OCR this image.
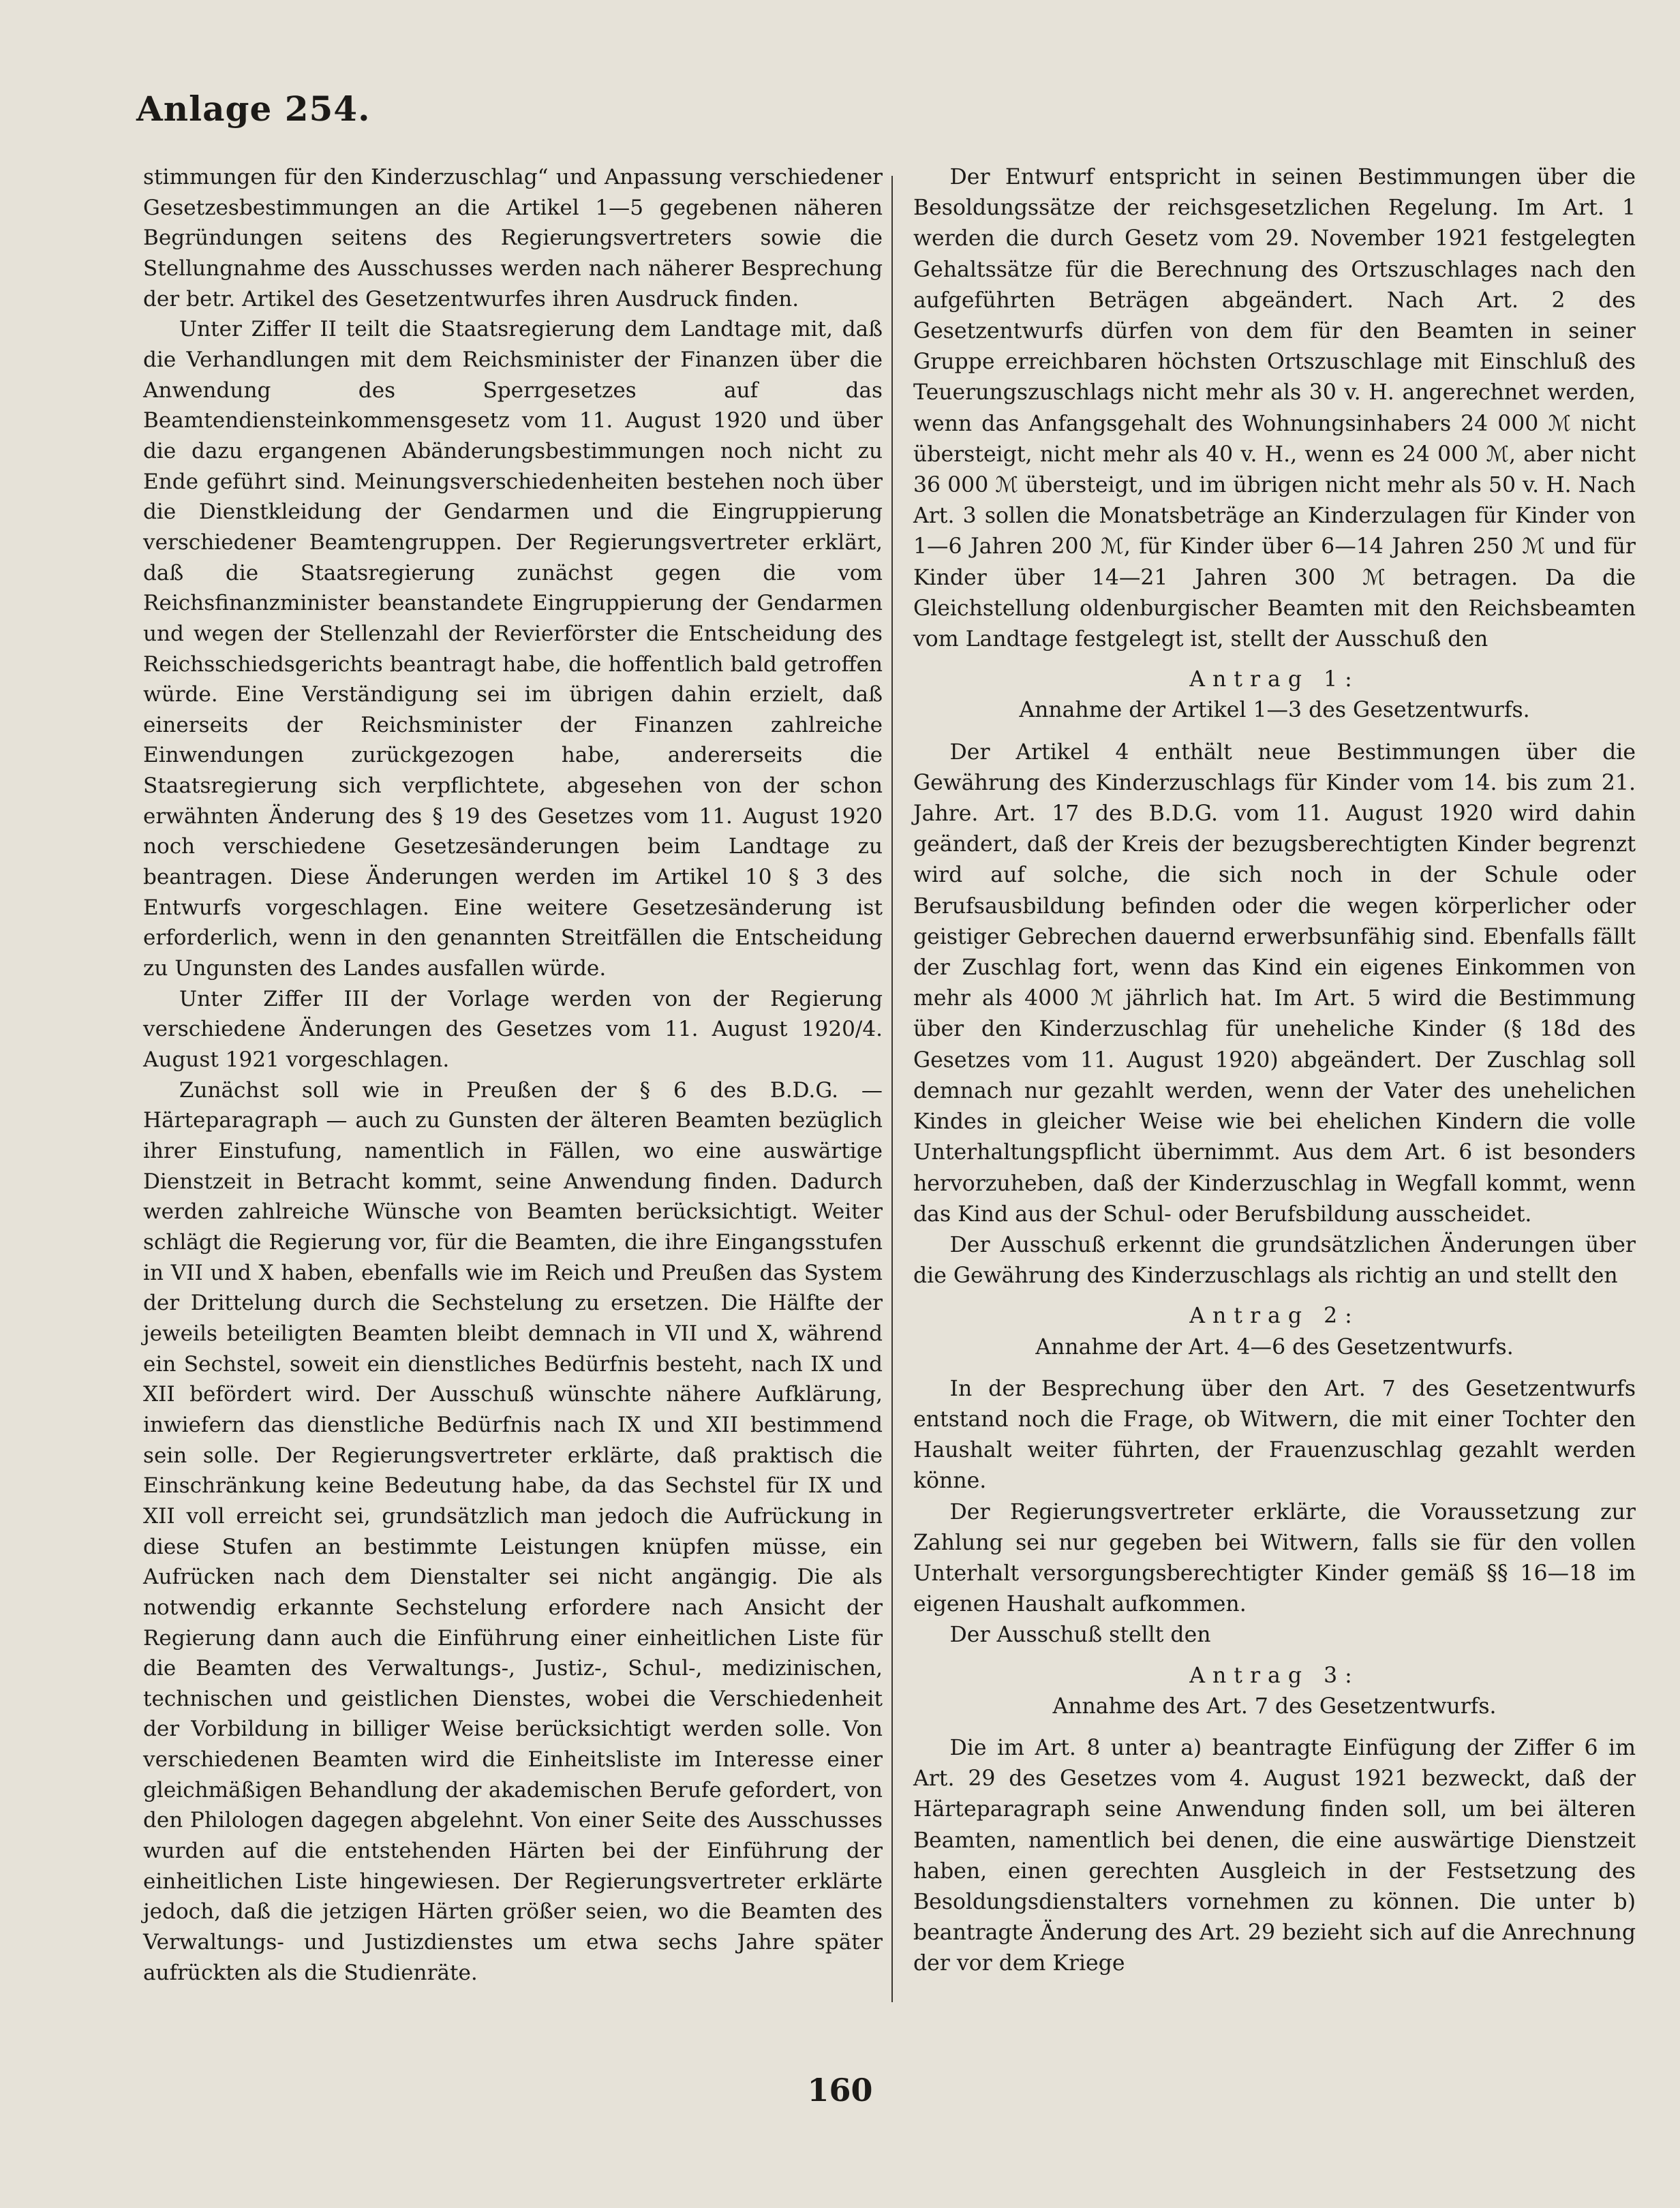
Anlage 254.

stimmungen für den Kinderzuschlag“ und Anpassung verschiedener Gesetzesbestimmungen an die Artikel 1—5 gegebenen näheren Begründungen seitens des Regierungsvertreters sowie die Stellungnahme des Ausschusses werden nach näherer Besprechung der betr. Artikel des Gesetzentwurfes ihren Ausdruck finden.

Unter Ziffer II teilt die Staatsregierung dem Landtage mit, daß die Verhandlungen mit dem Reichsminister der Finanzen über die Anwendung des Sperrgesetzes auf das Beamtendiensteinkommensgesetz vom 11. August 1920 und über die dazu ergangenen Abänderungsbestimmungen noch nicht zu Ende geführt sind. Meinungsverschiedenheiten bestehen noch über die Dienstkleidung der Gendarmen und die Eingruppierung verschiedener Beamtengruppen. Der Regierungsvertreter erklärt, daß die Staatsregierung zunächst gegen die vom Reichsfinanzminister beanstandete Eingruppierung der Gendarmen und wegen der Stellenzahl der Revierförster die Entscheidung des Reichsschiedsgerichts beantragt habe, die hoffentlich bald getroffen würde. Eine Verständigung sei im übrigen dahin erzielt, daß einerseits der Reichsminister der Finanzen zahlreiche Einwendungen zurückgezogen habe, andererseits die Staatsregierung sich verpflichtete, abgesehen von der schon erwähnten Änderung des § 19 des Gesetzes vom 11. August 1920 noch verschiedene Gesetzesänderungen beim Landtage zu beantragen. Diese Änderungen werden im Artikel 10 § 3 des Entwurfs vorgeschlagen. Eine weitere Gesetzesänderung ist erforderlich, wenn in den genannten Streitfällen die Entscheidung zu Ungunsten des Landes ausfallen würde.

Unter Ziffer III der Vorlage werden von der Regierung verschiedene Änderungen des Gesetzes vom 11. August 1920/4. August 1921 vorgeschlagen.

Zunächst soll wie in Preußen der § 6 des B.D.G. — Härteparagraph — auch zu Gunsten der älteren Beamten bezüglich ihrer Einstufung, namentlich in Fällen, wo eine auswärtige Dienstzeit in Betracht kommt, seine Anwendung finden. Dadurch werden zahlreiche Wünsche von Beamten berücksichtigt. Weiter schlägt die Regierung vor, für die Beamten, die ihre Eingangsstufen in VII und X haben, ebenfalls wie im Reich und Preußen das System der Drittelung durch die Sechstelung zu ersetzen. Die Hälfte der jeweils beteiligten Beamten bleibt demnach in VII und X, während ein Sechstel, soweit ein dienstliches Bedürfnis besteht, nach IX und XII befördert wird. Der Ausschuß wünschte nähere Aufklärung, inwiefern das dienstliche Bedürfnis nach IX und XII bestimmend sein solle. Der Regierungsvertreter erklärte, daß praktisch die Einschränkung keine Bedeutung habe, da das Sechstel für IX und XII voll erreicht sei, grundsätzlich man jedoch die Aufrückung in diese Stufen an bestimmte Leistungen knüpfen müsse, ein Aufrücken nach dem Dienstalter sei nicht angängig. Die als notwendig erkannte Sechstelung erfordere nach Ansicht der Regierung dann auch die Einführung einer einheitlichen Liste für die Beamten des Verwaltungs-, Justiz-, Schul-, medizinischen, technischen und geistlichen Dienstes, wobei die Verschiedenheit der Vorbildung in billiger Weise berücksichtigt werden solle. Von verschiedenen Beamten wird die Einheitsliste im Interesse einer gleichmäßigen Behandlung der akademischen Berufe gefordert, von den Philologen dagegen abgelehnt. Von einer Seite des Ausschusses wurden auf die entstehenden Härten bei der Einführung der einheitlichen Liste hingewiesen. Der Regierungsvertreter erklärte jedoch, daß die jetzigen Härten größer seien, wo die Beamten des Verwaltungs- und Justizdienstes um etwa sechs Jahre später aufrückten als die Studienräte.

Der Entwurf entspricht in seinen Bestimmungen über die Besoldungssätze der reichsgesetzlichen Regelung. Im Art. 1 werden die durch Gesetz vom 29. November 1921 festgelegten Gehaltssätze für die Berechnung des Ortszuschlages nach den aufgeführten Beträgen abgeändert. Nach Art. 2 des Gesetzentwurfs dürfen von dem für den Beamten in seiner Gruppe erreichbaren höchsten Ortszuschlage mit Einschluß des Teuerungszuschlags nicht mehr als 30 v. H. angerechnet werden, wenn das Anfangsgehalt des Wohnungsinhabers 24 000 ℳ nicht übersteigt, nicht mehr als 40 v. H., wenn es 24 000 ℳ, aber nicht 36 000 ℳ übersteigt, und im übrigen nicht mehr als 50 v. H. Nach Art. 3 sollen die Monatsbeträge an Kinderzulagen für Kinder von 1—6 Jahren 200 ℳ, für Kinder über 6—14 Jahren 250 ℳ und für Kinder über 14—21 Jahren 300 ℳ betragen. Da die Gleichstellung oldenburgischer Beamten mit den Reichsbeamten vom Landtage festgelegt ist, stellt der Ausschuß den

Antrag 1:

Annahme der Artikel 1—3 des Gesetzentwurfs.

Der Artikel 4 enthält neue Bestimmungen über die Gewährung des Kinderzuschlags für Kinder vom 14. bis zum 21. Jahre. Art. 17 des B.D.G. vom 11. August 1920 wird dahin geändert, daß der Kreis der bezugsberechtigten Kinder begrenzt wird auf solche, die sich noch in der Schule oder Berufsausbildung befinden oder die wegen körperlicher oder geistiger Gebrechen dauernd erwerbsunfähig sind. Ebenfalls fällt der Zuschlag fort, wenn das Kind ein eigenes Einkommen von mehr als 4000 ℳ jährlich hat. Im Art. 5 wird die Bestimmung über den Kinderzuschlag für uneheliche Kinder (§ 18d des Gesetzes vom 11. August 1920) abgeändert. Der Zuschlag soll demnach nur gezahlt werden, wenn der Vater des unehelichen Kindes in gleicher Weise wie bei ehelichen Kindern die volle Unterhaltungspflicht übernimmt. Aus dem Art. 6 ist besonders hervorzuheben, daß der Kinderzuschlag in Wegfall kommt, wenn das Kind aus der Schul- oder Berufsbildung ausscheidet.

Der Ausschuß erkennt die grundsätzlichen Änderungen über die Gewährung des Kinderzuschlags als richtig an und stellt den

Antrag 2:

Annahme der Art. 4—6 des Gesetzentwurfs.

In der Besprechung über den Art. 7 des Gesetzentwurfs entstand noch die Frage, ob Witwern, die mit einer Tochter den Haushalt weiter führten, der Frauenzuschlag gezahlt werden könne.

Der Regierungsvertreter erklärte, die Voraussetzung zur Zahlung sei nur gegeben bei Witwern, falls sie für den vollen Unterhalt versorgungsberechtigter Kinder gemäß §§ 16—18 im eigenen Haushalt aufkommen.

Der Ausschuß stellt den

Antrag 3:

Annahme des Art. 7 des Gesetzentwurfs.

Die im Art. 8 unter a) beantragte Einfügung der Ziffer 6 im Art. 29 des Gesetzes vom 4. August 1921 bezweckt, daß der Härteparagraph seine Anwendung finden soll, um bei älteren Beamten, namentlich bei denen, die eine auswärtige Dienstzeit haben, einen gerechten Ausgleich in der Festsetzung des Besoldungsdienstalters vornehmen zu können. Die unter b) beantragte Änderung des Art. 29 bezieht sich auf die Anrechnung der vor dem Kriege

160
